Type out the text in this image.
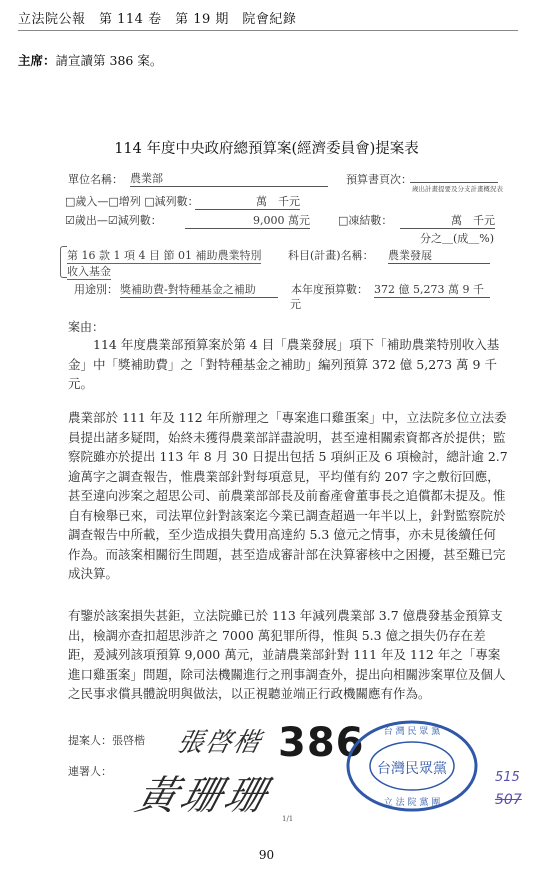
立法院公報　第 114 卷　第 19 期　院會紀錄
主席：請宣讀第 386 案。
114 年度中央政府總預算案(經濟委員會)提案表
單位名稱： 農業部	預算書頁次：
歲出計畫提要及分支計畫概況表
□歲入—□增列 □減列數：	萬　千元
☑歲出—☑減列數：	9,000 萬元	□凍結數：	萬　千元
分之＿(成＿%)
第 16 款 1 項 4 目 節 01 補助農業特別
收入基金
科目(計畫)名稱： 農業發展
用途別： 獎補助費-對特種基金之補助	本年度預算數： 372 億 5,273 萬 9 千
元
案由：
114 年度農業部預算案於第 4 目「農業發展」項下「補助農業特別收入基金」中「獎補助費」之「對特種基金之補助」編列預算 372 億 5,273 萬 9 千元。
農業部於 111 年及 112 年所辦理之「專案進口雞蛋案」中，立法院多位立法委員提出諸多疑問，始終未獲得農業部詳盡說明，甚至違相關索資都吝於提供；監察院雖亦於提出 113 年 8 月 30 日提出包括 5 項糾正及 6 項檢討，總計逾 2.7 逾萬字之調查報告，惟農業部針對每項意見，平均僅有約 207 字之敷衍回應，甚至違向涉案之超思公司、前農業部部長及前畜產會董事長之追償都未提及。惟自有檢舉已來，司法單位針對該案迄今業已調查超過一年半以上，針對監察院於調查報告中所載，至少造成損失費用高達約 5.3 億元之情事，亦未見後續任何作為。而該案相關衍生問題，甚至造成審計部在決算審核中之困擾，甚至難已完成決算。
有鑒於該案損失甚鉅，立法院雖已於 113 年減列農業部 3.7 億農發基金預算支出，檢調亦查扣超思涉許之 7000 萬犯罪所得，惟與 5.3 億之損失仍存在差距，爰減列該項預算 9,000 萬元，並請農業部針對 111 年及 112 年之「專案進口雞蛋案」問題，除司法機關進行之刑事調查外，提出向相關涉案單位及個人之民事求償具體說明與做法，以正視聽並端正行政機關應有作為。
提案人：張啓楷 張啓楷 386
連署人：
黃珊珊
台 灣 民 眾 黨
台灣民眾黨
立 法 院 黨 團
515
507
1/1
90
